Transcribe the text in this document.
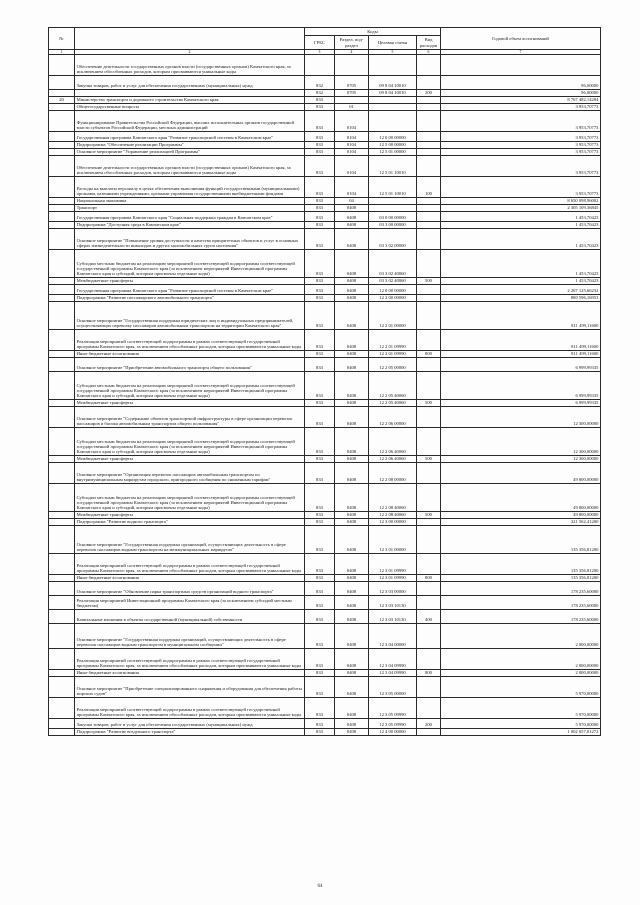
№		Коды				Годовой объем ассигнований
		ГРБС	Раздел, под-раздел	Целевая статья	Вид расходов	
1	2	3	4	5	6	7
	Обеспечение деятельности государственных органов власти (государственных органов) Камчатского края, за исключением обособленных расходов, которым присваиваются уникальные коды					
	Закупка товаров, работ и услуг для обеспечения государственных (муниципальных) нужд	832	0705	09 8 04 10010		96,00000
		832	0705	09 8 04 10010	200	96,00000
20	Министерство транспорта и дорожного строительства Камчатского края	833				8 767 482,14284
	Общегосударственные вопросы	833	01			3 953,70773
	Функционирование Правительства Российской Федерации, высших исполнительных органов государственной власти субъектов Российской Федерации, местных администраций	833	0104			3 953,70773
	Государственная программа Камчатского края "Развитие транспортной системы в Камчатском крае"	833	0104	12 0 00 00000		3 953,70773
	Подпрограмма "Обеспечение реализации Программы"	833	0104	12 5 00 00000		3 953,70773
	Основное мероприятие "Управление реализацией Программы"	833	0104	12 5 01 00000		3 953,70773
	Обеспечение деятельности государственных органов власти (государственных органов) Камчатского края, за исключением обособленных расходов, которым присваиваются уникальные коды	833	0104	12 5 01 10010		3 953,70773
	Расходы на выплаты персоналу в целях обеспечения выполнения функций государственными (муниципальными) органами, казенными учреждениями, органами управления государственными внебюджетными фондами	833	0104	12 5 01 10010	100	3 953,70773
	Национальная экономика	833	04			8 650 098,96002
	Транспорт	833	0408			2 305 109,36845
	Государственная программа Камчатского края "Социальная поддержка граждан в Камчатском крае"	833	0408	03 0 00 00000		1 453,70423
	Подпрограмма "Доступная среда в Камчатском крае"	833	0408	03 3 00 00000		1 453,70423
	Основное мероприятие "Повышение уровня доступности и качества приоритетных объектов и услуг в основных сферах жизнедеятельности инвалидов и других маломобильных групп населения"	833	0408	03 3 02 00000		1 453,70423
	Субсидии местным бюджетам на реализацию мероприятий соответствующей подпрограммы соответствующей государственной программы Камчатского края (за исключением мероприятий Инвестиционной программы Камчатского края и субсидий, которым присвоены отдельные коды)	833	0408	03 3 02 40060		1 453,70423
	Межбюджетные трансферты	833	0408	03 3 02 40060	500	1 453,70423
	Государственная программа Камчатского края "Развитие транспортной системы в Камчатском крае"	833	0408	12 0 00 00000		2 267 125,66232
	Подпрограмма "Развитие пассажирского автомобильного транспорта"	833	0408	12 2 00 00000		880 596,16953
	Основное мероприятие "Государственная поддержка юридических лиц и индивидуальных предпринимателей, осуществляющих перевозку пассажиров автомобильным транспортом на территории Камчатского края"	833	0408	12 2 01 00000		811 499,11600
	Реализация мероприятий соответствующей подпрограммы в рамках соответствующей государственной программы Камчатского края, за исключением обособленных расходов, которым присваиваются уникальные коды	833	0408	12 2 01 09990		811 499,11600
	Иные бюджетные ассигнования	833	0408	12 2 01 09990	800	811 499,11600
	Основное мероприятие "Приобретение автомобильного транспорта общего пользования"	833	0408	12 2 05 00000		6 999,99335
	Субсидии местным бюджетам на реализацию мероприятий соответствующей подпрограммы соответствующей государственной программы Камчатского края (за исключением мероприятий Инвестиционной программы Камчатского края и субсидий, которым присвоены отдельные коды)	833	0408	12 2 05 40060		6 999,99335
	Межбюджетные трансферты	833	0408	12 2 05 40060	500	6 999,99335
	Основное мероприятие "Содержание объектов транспортной инфраструктуры в сфере организации перевозок пассажиров и багажа автомобильным транспортом общего пользования"	833	0408	12 2 06 00000		12 300,00000
	Субсидии местным бюджетам на реализацию мероприятий соответствующей подпрограммы соответствующей государственной программы Камчатского края (за исключением мероприятий Инвестиционной программы Камчатского края и субсидий, которым присвоены отдельные коды)	833	0408	12 2 06 40060		12 300,00000
	Межбюджетные трансферты	833	0408	12 2 06 40060	500	12 300,00000
	Основное мероприятие "Организация перевозок пассажиров автомобильным транспортом по внутримуниципальным маршрутам городского, пригородного сообщения по сниженным тарифам"	833	0408	12 2 08 00000		49 800,00000
	Субсидии местным бюджетам на реализацию мероприятий соответствующей подпрограммы соответствующей государственной программы Камчатского края (за исключением мероприятий Инвестиционной программы Камчатского края и субсидий, которым присвоены отдельные коды)	833	0408	12 2 08 40060		49 800,00000
	Межбюджетные трансферты	833	0408	12 2 08 40060	500	49 800,00000
	Подпрограмма "Развитие водного транспорта"	833	0408	12 3 00 00000		321 562,41200
	Основное мероприятие "Государственная поддержка организаций, осуществляющих деятельность в сфере перевозок пассажиров водным транспортом на межмуниципальных маршрутах"	833	0408	12 3 01 00000		135 356,81200
	Реализация мероприятий соответствующей подпрограммы в рамках соответствующей государственной программы Камчатского края, за исключением обособленных расходов, которым присваиваются уникальные коды	833	0408	12 3 01 09990		135 356,81200
	Иные бюджетные ассигнования	833	0408	12 3 01 09990	800	135 356,81200
	Основное мероприятие "Обновление парка транспортных средств организаций водного транспорта"	833	0408	12 3 03 00000		178 235,60000
	Реализация мероприятий Инвестиционной программы Камчатского края (за исключением субсидий местным бюджетам)	833	0408	12 3 03 10130		178 235,60000
	Капитальные вложения в объекты государственной (муниципальной) собственности	833	0408	12 3 03 10130	400	178 235,60000
	Основное мероприятие "Государственная поддержка организаций, осуществляющих деятельность в сфере перевозок пассажиров водным транспортом в муниципальном сообщении"	833	0408	12 3 04 00000		2 000,00000
	Реализация мероприятий соответствующей подпрограммы в рамках соответствующей государственной программы Камчатского края, за исключением обособленных расходов, которым присваиваются уникальные коды	833	0408	12 3 04 09990		2 000,00000
	Иные бюджетные ассигнования	833	0408	12 3 04 09990	800	2 000,00000
	Основное мероприятие "Приобретение специализированного снаряжения и оборудования для обеспечения работы морских судов"	833	0408	12 3 05 00000		5 970,00000
	Реализация мероприятий соответствующей подпрограммы в рамках соответствующей государственной программы Камчатского края, за исключением обособленных расходов, которым присваиваются уникальные коды	833	0408	12 3 05 09990		5 970,00000
	Закупка товаров, работ и услуг для обеспечения государственных (муниципальных) нужд	833	0408	12 3 05 09990	200	5 970,00000
	Подпрограмма "Развитие воздушного транспорта"	833	0408	12 4 00 00000		1 002 657,01272
64
